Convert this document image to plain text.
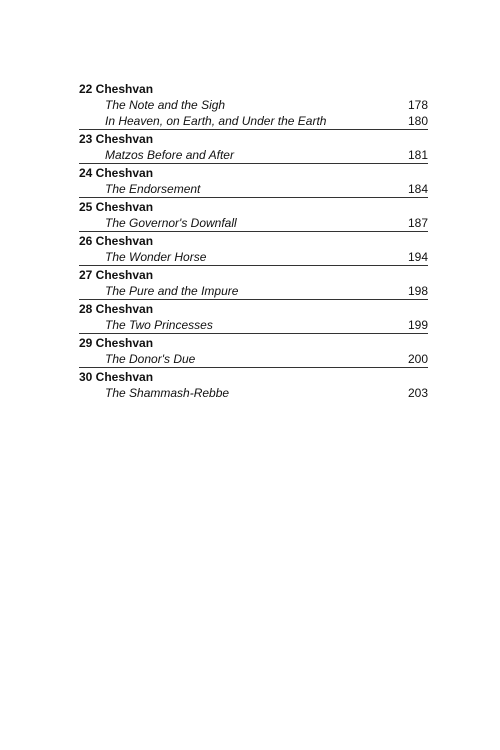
22 Cheshvan
The Note and the Sigh	178
In Heaven, on Earth, and Under the Earth	180
23 Cheshvan
Matzos Before and After	181
24 Cheshvan
The Endorsement	184
25 Cheshvan
The Governor's Downfall	187
26 Cheshvan
The Wonder Horse	194
27 Cheshvan
The Pure and the Impure	198
28 Cheshvan
The Two Princesses	199
29 Cheshvan
The Donor's Due	200
30 Cheshvan
The Shammash-Rebbe	203
